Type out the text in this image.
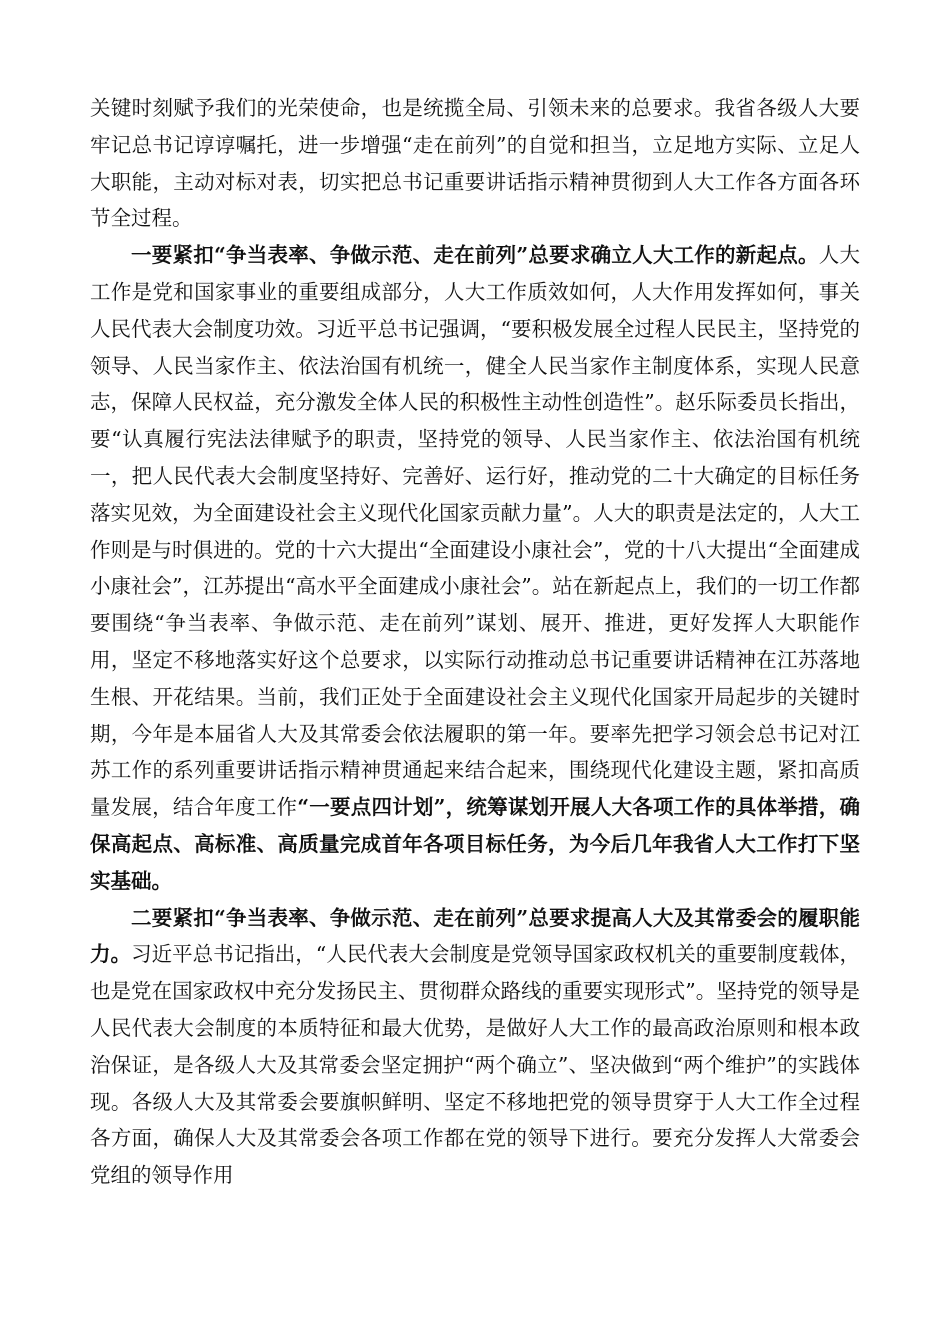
关键时刻赋予我们的光荣使命，也是统揽全局、引领未来的总要求。我省各级人大要牢记总书记谆谆嘱托，进一步增强“走在前列”的自觉和担当，立足地方实际、立足人大职能，主动对标对表，切实把总书记重要讲话指示精神贯彻到人大工作各方面各环节全过程。

一要紧扣“争当表率、争做示范、走在前列”总要求确立人大工作的新起点。人大工作是党和国家事业的重要组成部分，人大工作质效如何，人大作用发挥如何，事关人民代表大会制度功效。习近平总书记强调，“要积极发展全过程人民民主，坚持党的领导、人民当家作主、依法治国有机统一，健全人民当家作主制度体系，实现人民意志，保障人民权益，充分激发全体人民的积极性主动性创造性”。赵乐际委员长指出，要“认真履行宪法法律赋予的职责，坚持党的领导、人民当家作主、依法治国有机统一，把人民代表大会制度坚持好、完善好、运行好，推动党的二十大确定的目标任务落实见效，为全面建设社会主义现代化国家贡献力量”。人大的职责是法定的，人大工作则是与时俱进的。党的十六大提出“全面建设小康社会”，党的十八大提出“全面建成小康社会”，江苏提出“高水平全面建成小康社会”。站在新起点上，我们的一切工作都要围绕“争当表率、争做示范、走在前列”谋划、展开、推进，更好发挥人大职能作用，坚定不移地落实好这个总要求，以实际行动推动总书记重要讲话精神在江苏落地生根、开花结果。当前，我们正处于全面建设社会主义现代化国家开局起步的关键时期，今年是本届省人大及其常委会依法履职的第一年。要率先把学习领会总书记对江苏工作的系列重要讲话指示精神贯通起来结合起来，围绕现代化建设主题，紧扣高质量发展，结合年度工作“一要点四计划”，统筹谋划开展人大各项工作的具体举措，确保高起点、高标准、高质量完成首年各项目标任务，为今后几年我省人大工作打下坚实基础。

二要紧扣“争当表率、争做示范、走在前列”总要求提高人大及其常委会的履职能力。习近平总书记指出，“人民代表大会制度是党领导国家政权机关的重要制度载体，也是党在国家政权中充分发扬民主、贯彻群众路线的重要实现形式”。坚持党的领导是人民代表大会制度的本质特征和最大优势，是做好人大工作的最高政治原则和根本政治保证，是各级人大及其常委会坚定拥护“两个确立”、坚决做到“两个维护”的实践体现。各级人大及其常委会要旗帜鲜明、坚定不移地把党的领导贯穿于人大工作全过程各方面，确保人大及其常委会各项工作都在党的领导下进行。要充分发挥人大常委会党组的领导作用
